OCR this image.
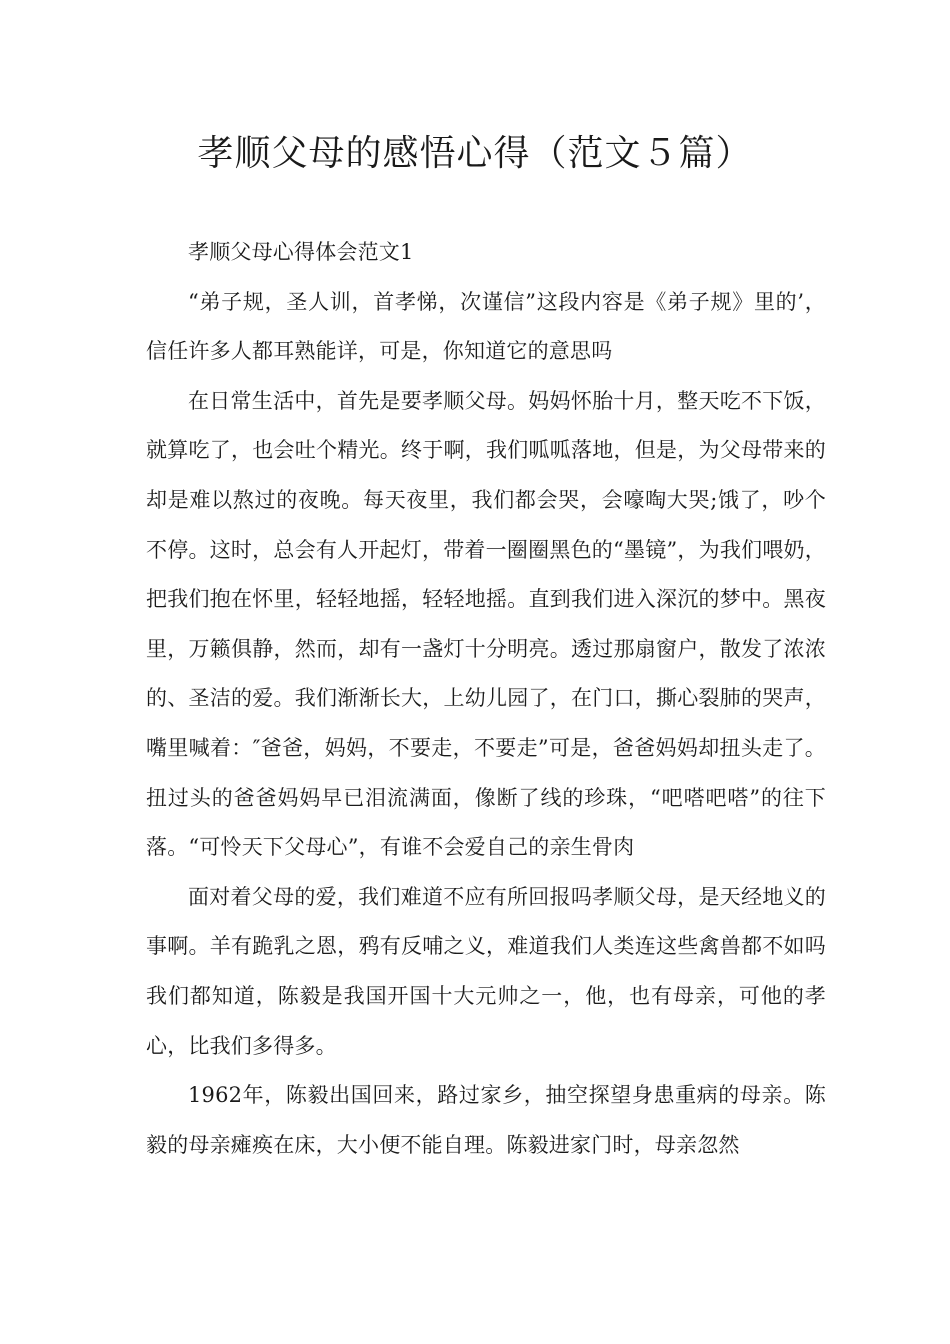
孝顺父母的感悟心得（范文５篇）

孝顺父母心得体会范文1

“弟子规，圣人训，首孝悌，次谨信”这段内容是《弟子规》里的’，信任许多人都耳熟能详，可是，你知道它的意思吗

在日常生活中，首先是要孝顺父母。妈妈怀胎十月，整天吃不下饭，就算吃了，也会吐个精光。终于啊，我们呱呱落地，但是，为父母带来的却是难以熬过的夜晚。每天夜里，我们都会哭，会嚎啕大哭;饿了，吵个不停。这时，总会有人开起灯，带着一圈圈黑色的“墨镜”，为我们喂奶，把我们抱在怀里，轻轻地摇，轻轻地摇。直到我们进入深沉的梦中。黑夜里，万籁俱静，然而，却有一盏灯十分明亮。透过那扇窗户，散发了浓浓的、圣洁的爱。我们渐渐长大，上幼儿园了，在门口，撕心裂肺的哭声，嘴里喊着：″爸爸，妈妈，不要走，不要走”可是，爸爸妈妈却扭头走了。扭过头的爸爸妈妈早已泪流满面，像断了线的珍珠，“吧嗒吧嗒”的往下落。“可怜天下父母心”，有谁不会爱自己的亲生骨肉

面对着父母的爱，我们难道不应有所回报吗孝顺父母，是天经地义的事啊。羊有跪乳之恩，鸦有反哺之义，难道我们人类连这些禽兽都不如吗我们都知道，陈毅是我国开国十大元帅之一，他，也有母亲，可他的孝心，比我们多得多。

1962年，陈毅出国回来，路过家乡，抽空探望身患重病的母亲。陈毅的母亲瘫痪在床，大小便不能自理。陈毅进家门时，母亲忽然
